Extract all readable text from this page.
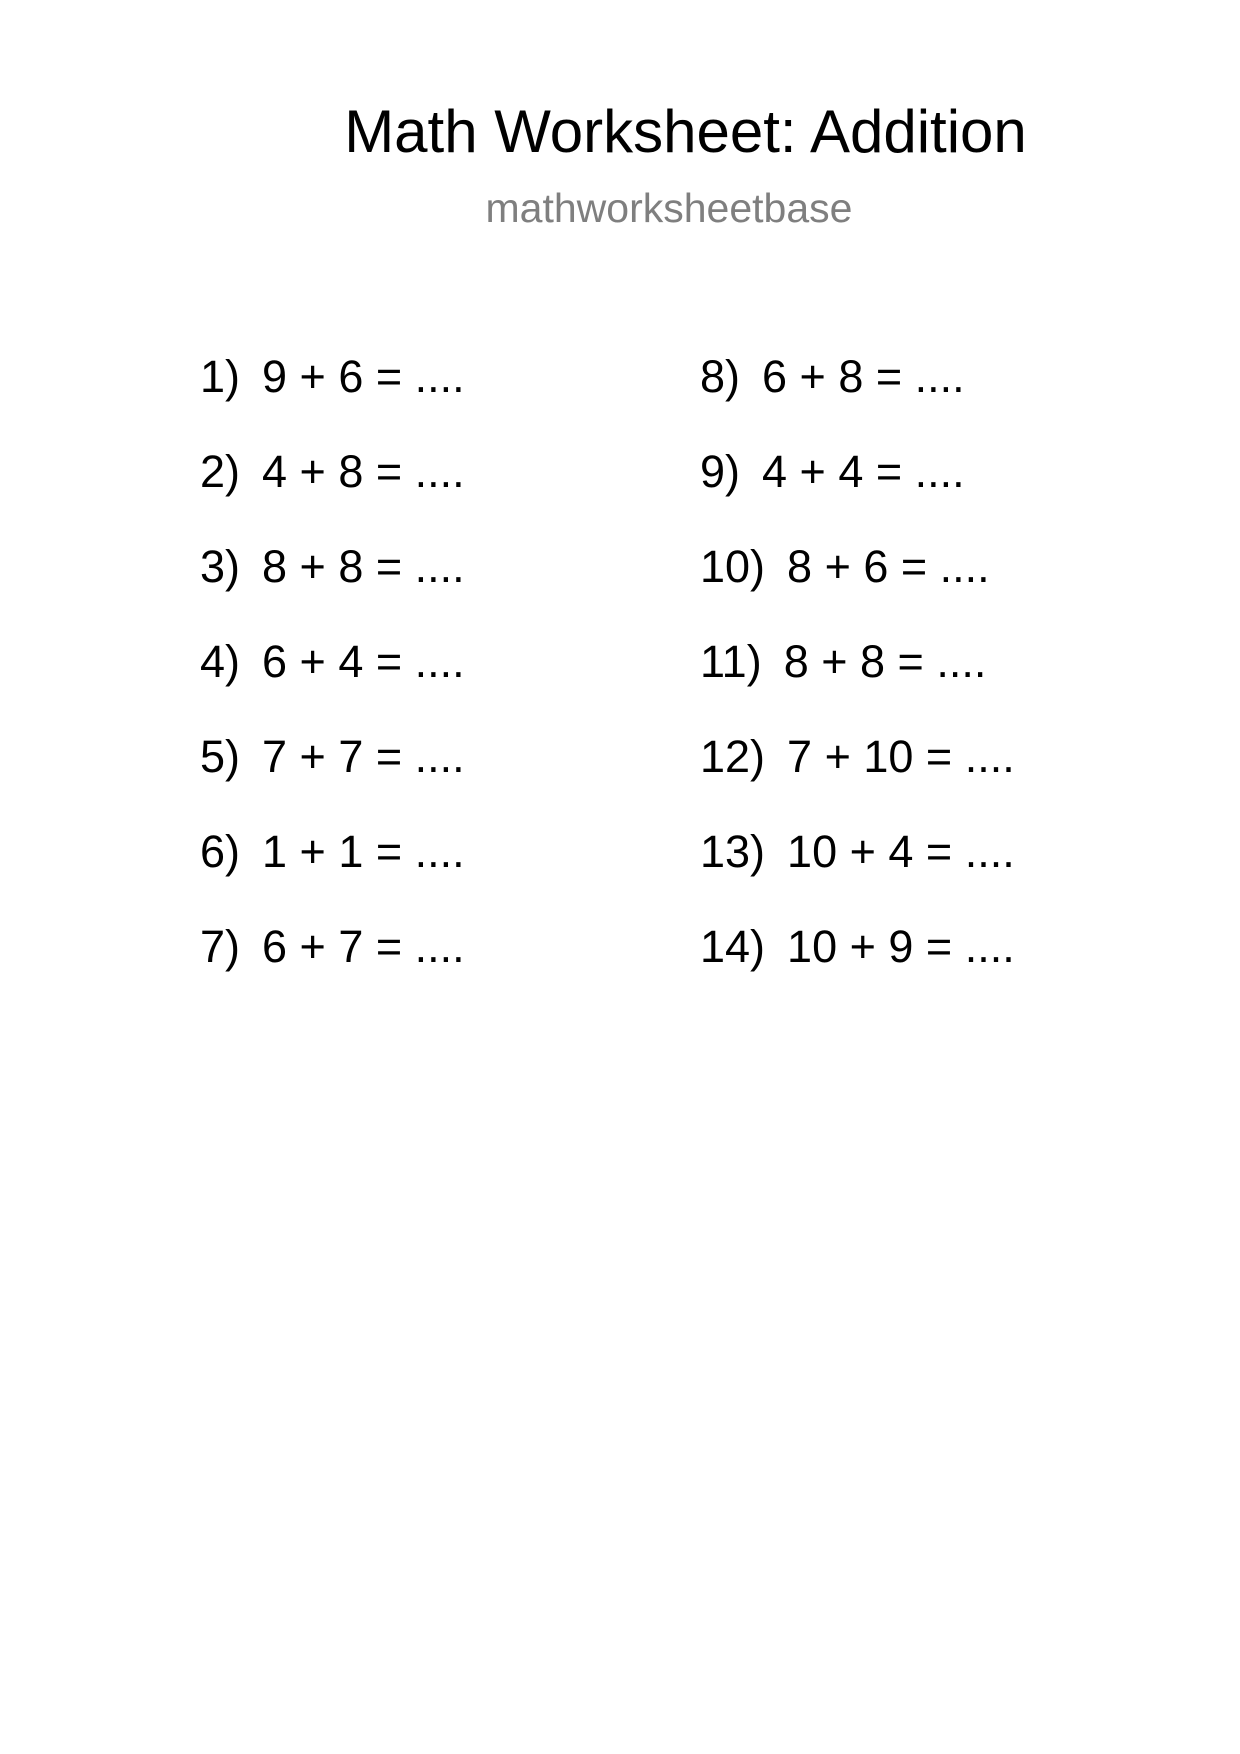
Math Worksheet: Addition
mathworksheetbase
1) 9 + 6 = ....
2) 4 + 8 = ....
3) 8 + 8 = ....
4) 6 + 4 = ....
5) 7 + 7 = ....
6) 1 + 1 = ....
7) 6 + 7 = ....
8) 6 + 8 = ....
9) 4 + 4 = ....
10) 8 + 6 = ....
11) 8 + 8 = ....
12) 7 + 10 = ....
13) 10 + 4 = ....
14) 10 + 9 = ....
